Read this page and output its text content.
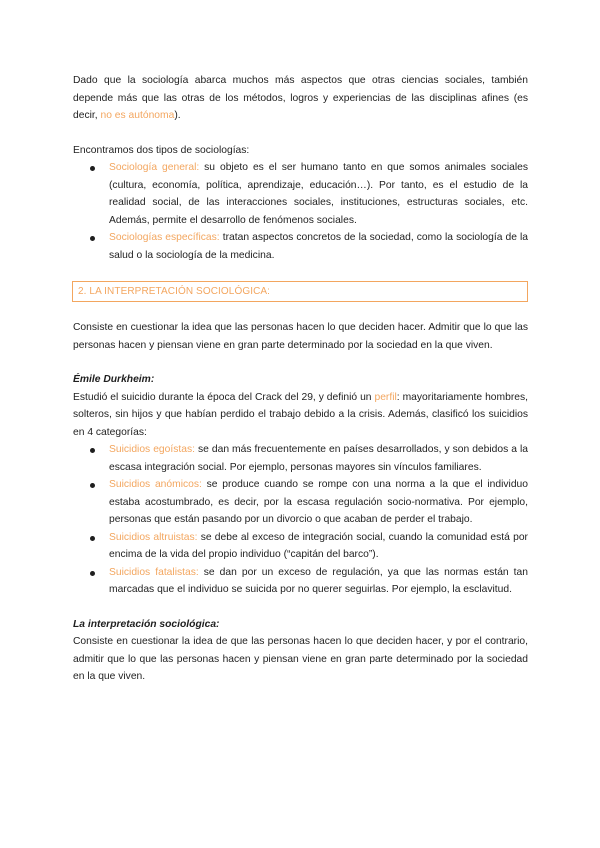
Dado que la sociología abarca muchos más aspectos que otras ciencias sociales, también depende más que las otras de los métodos, logros y experiencias de las disciplinas afines (es decir, no es autónoma).

Encontramos dos tipos de sociologías:

Sociología general: su objeto es el ser humano tanto en que somos animales sociales (cultura, economía, política, aprendizaje, educación…). Por tanto, es el estudio de la realidad social, de las interacciones sociales, instituciones, estructuras sociales, etc. Además, permite el desarrollo de fenómenos sociales.
Sociologías específicas: tratan aspectos concretos de la sociedad, como la sociología de la salud o la sociología de la medicina.
2. LA INTERPRETACIÓN SOCIOLÓGICA:

Consiste en cuestionar la idea que las personas hacen lo que deciden hacer. Admitir que lo que las personas hacen y piensan viene en gran parte determinado por la sociedad en la que viven.

Émile Durkheim:

Estudió el suicidio durante la época del Crack del 29, y definió un perfil: mayoritariamente hombres, solteros, sin hijos y que habían perdido el trabajo debido a la crisis. Además, clasificó los suicidios en 4 categorías:

Suicidios egoístas: se dan más frecuentemente en países desarrollados, y son debidos a la escasa integración social. Por ejemplo, personas mayores sin vínculos familiares.
Suicidios anómicos: se produce cuando se rompe con una norma a la que el individuo estaba acostumbrado, es decir, por la escasa regulación socio-normativa. Por ejemplo, personas que están pasando por un divorcio o que acaban de perder el trabajo.
Suicidios altruistas: se debe al exceso de integración social, cuando la comunidad está por encima de la vida del propio individuo (“capitán del barco”).
Suicidios fatalistas: se dan por un exceso de regulación, ya que las normas están tan marcadas que el individuo se suicida por no querer seguirlas. Por ejemplo, la esclavitud.

La interpretación sociológica:

Consiste en cuestionar la idea de que las personas hacen lo que deciden hacer, y por el contrario, admitir que lo que las personas hacen y piensan viene en gran parte determinado por la sociedad en la que viven.
